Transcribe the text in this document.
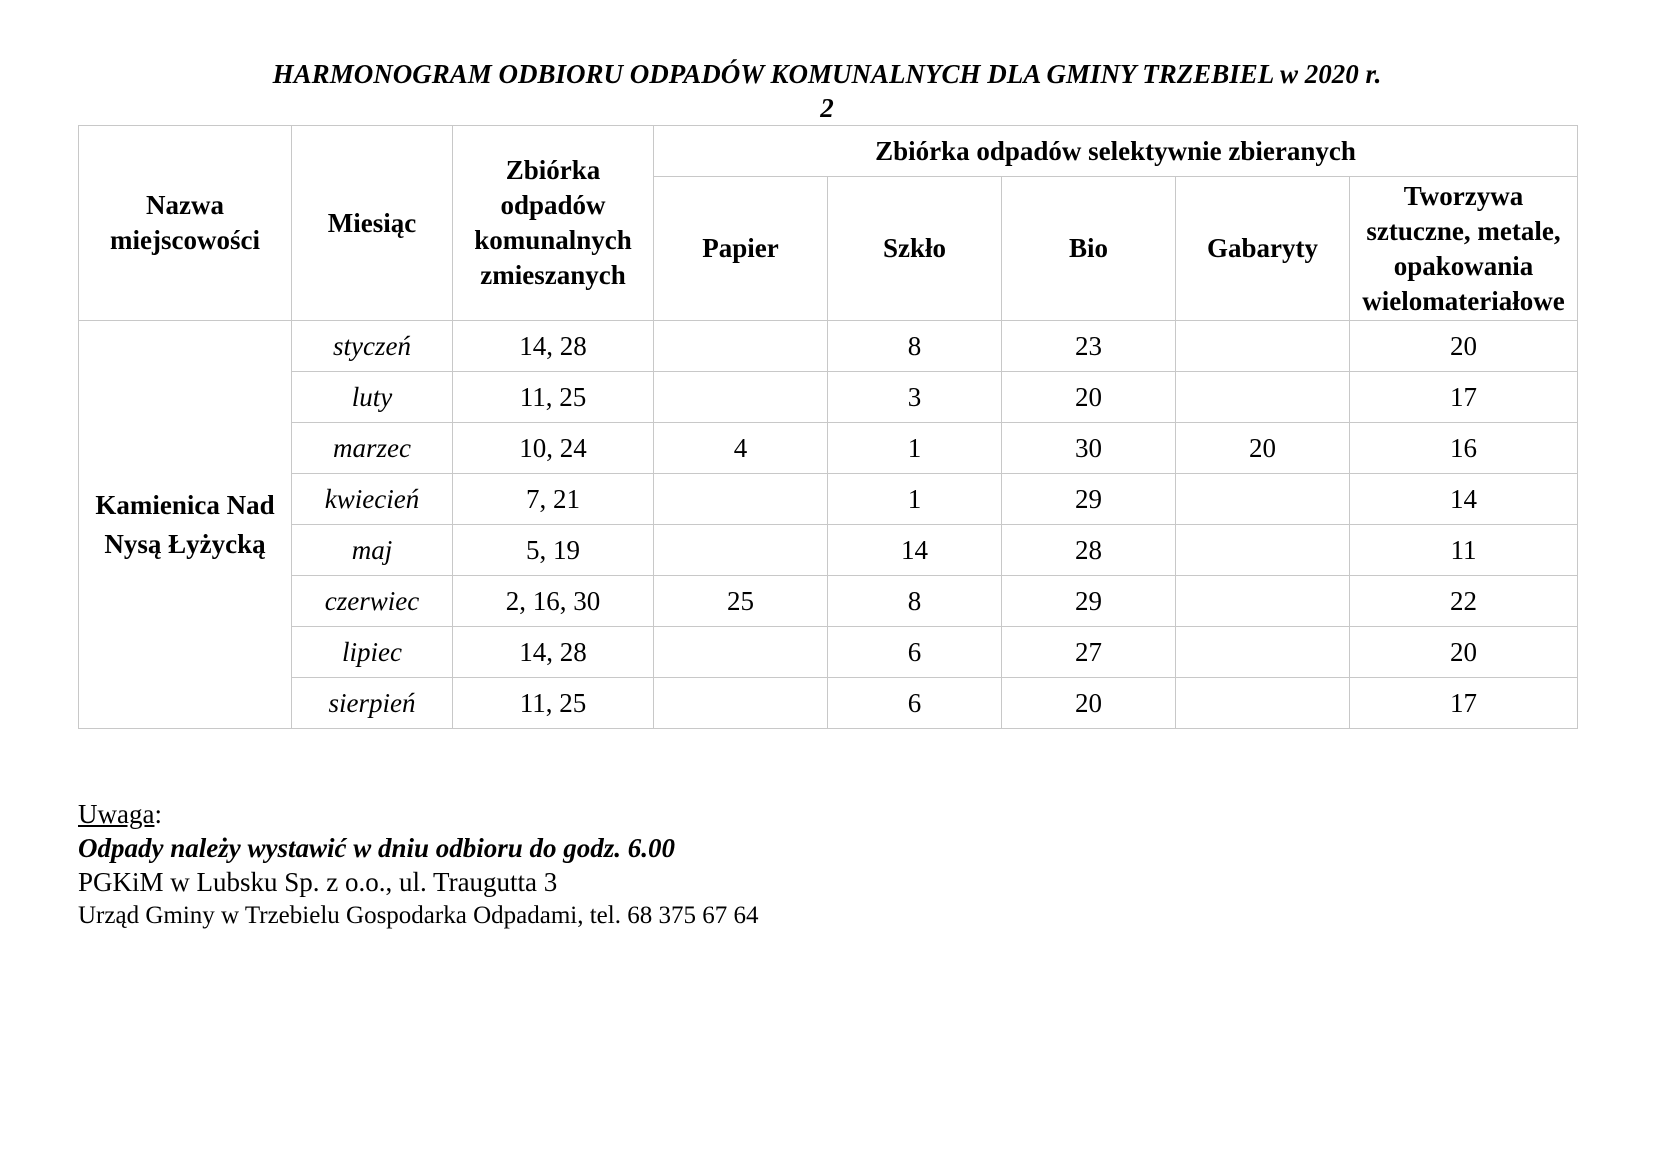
HARMONOGRAM ODBIORU ODPADÓW KOMUNALNYCH DLA GMINY TRZEBIEL w 2020 r.
2
Nazwa miejscowości	Miesiąc	Zbiórka odpadów komunalnych zmieszanych	Zbiórka odpadów selektywnie zbieranych				
			Papier	Szkło	Bio	Gabaryty	Tworzywa sztuczne, metale, opakowania wielomateriałowe
Kamienica Nad Nysą Łyżycką	styczeń	14, 28		8	23		20
	luty	11, 25		3	20		17
	marzec	10, 24	4	1	30	20	16
	kwiecień	7, 21		1	29		14
	maj	5, 19		14	28		11
	czerwiec	2, 16, 30	25	8	29		22
	lipiec	14, 28		6	27		20
	sierpień	11, 25		6	20		17
Uwaga:
Odpady należy wystawić w dniu odbioru do godz. 6.00
PGKiM w Lubsku Sp. z o.o., ul. Traugutta 3
Urząd Gminy w Trzebielu Gospodarka Odpadami, tel. 68 375 67 64
